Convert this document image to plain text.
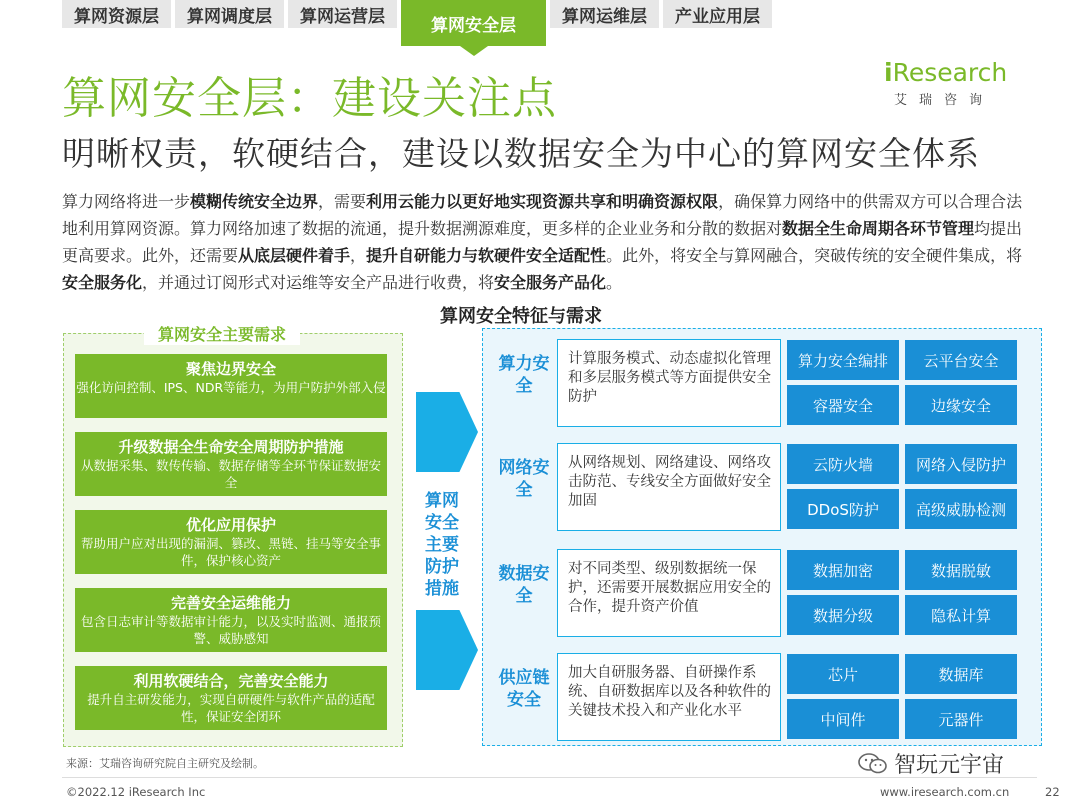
算网资源层	算网调度层	算网运营层	算网安全层	算网运维层	产业应用层
算网安全层：建设关注点
iResearch
艾瑞咨询
明晰权责，软硬结合，建设以数据安全为中心的算网安全体系
算力网络将进一步模糊传统安全边界，需要利用云能力以更好地实现资源共享和明确资源权限，确保算力网络中的供需双方可以合理合法地利用算网资源。算力网络加速了数据的流通，提升数据溯源难度，更多样的企业业务和分散的数据对数据全生命周期各环节管理均提出更高要求。此外，还需要从底层硬件着手，提升自研能力与软硬件安全适配性。此外，将安全与算网融合，突破传统的安全硬件集成，将安全服务化，并通过订阅形式对运维等安全产品进行收费，将安全服务产品化。
算网安全主要需求
聚焦边界安全
强化访问控制、IPS、NDR等能力，为用户防护外部入侵
升级数据全生命安全周期防护措施
从数据采集、数传传输、数据存储等全环节保证数据安全
优化应用保护
帮助用户应对出现的漏洞、篡改、黑链、挂马等安全事件，保护核心资产
完善安全运维能力
包含日志审计等数据审计能力，以及实时监测、通报预警、威胁感知
利用软硬结合，完善安全能力
提升自主研发能力，实现自研硬件与软件产品的适配性，保证安全闭环
算网安全特征与需求
算网安全主要防护措施
算力安全
计算服务模式、动态虚拟化管理和多层服务模式等方面提供安全防护
算力安全编排	云平台安全
容器安全	边缘安全
网络安全
从网络规划、网络建设、网络攻击防范、专线安全方面做好安全加固
云防火墙	网络入侵防护
DDoS防护	高级威胁检测
数据安全
对不同类型、级别数据统一保护，还需要开展数据应用安全的合作，提升资产价值
数据加密	数据脱敏
数据分级	隐私计算
供应链安全
加大自研服务器、自研操作系统、自研数据库以及各种软件的关键技术投入和产业化水平
芯片	数据库
中间件	元器件
来源：艾瑞咨询研究院自主研究及绘制。	智玩元宇宙
©2022.12 iResearch Inc	www.iresearch.com.cn	22
